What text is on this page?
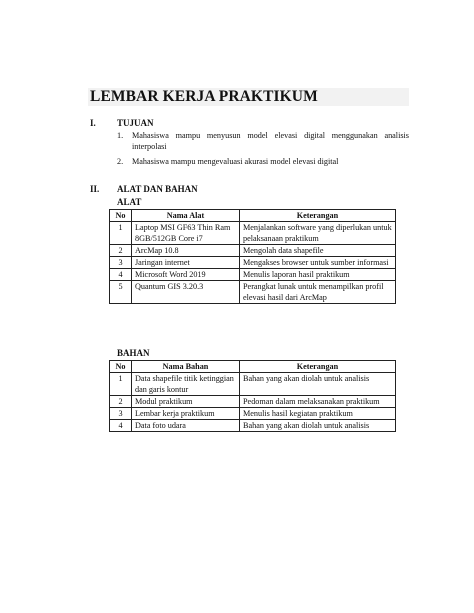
LEMBAR KERJA PRAKTIKUM
I. TUJUAN
1. Mahasiswa mampu menyusun model elevasi digital menggunakan analisis interpolasi
2. Mahasiswa mampu mengevaluasi akurasi model elevasi digital
II. ALAT DAN BAHAN
ALAT
No	Nama Alat	Keterangan
1	Laptop MSI GF63 Thin Ram 8GB/512GB Core i7	Menjalankan software yang diperlukan untuk pelaksanaan praktikum
2	ArcMap 10.8	Mengolah data shapefile
3	Jaringan internet	Mengakses browser untuk sumber informasi
4	Microsoft Word 2019	Menulis laporan hasil praktikum
5	Quantum GIS 3.20.3	Perangkat lunak untuk menampilkan profil elevasi hasil dari ArcMap
BAHAN
No	Nama Bahan	Keterangan
1	Data shapefile titik ketinggian dan garis kontur	Bahan yang akan diolah untuk analisis
2	Modul praktikum	Pedoman dalam melaksanakan praktikum
3	Lembar kerja praktikum	Menulis hasil kegiatan praktikum
4	Data foto udara	Bahan yang akan diolah untuk analisis
